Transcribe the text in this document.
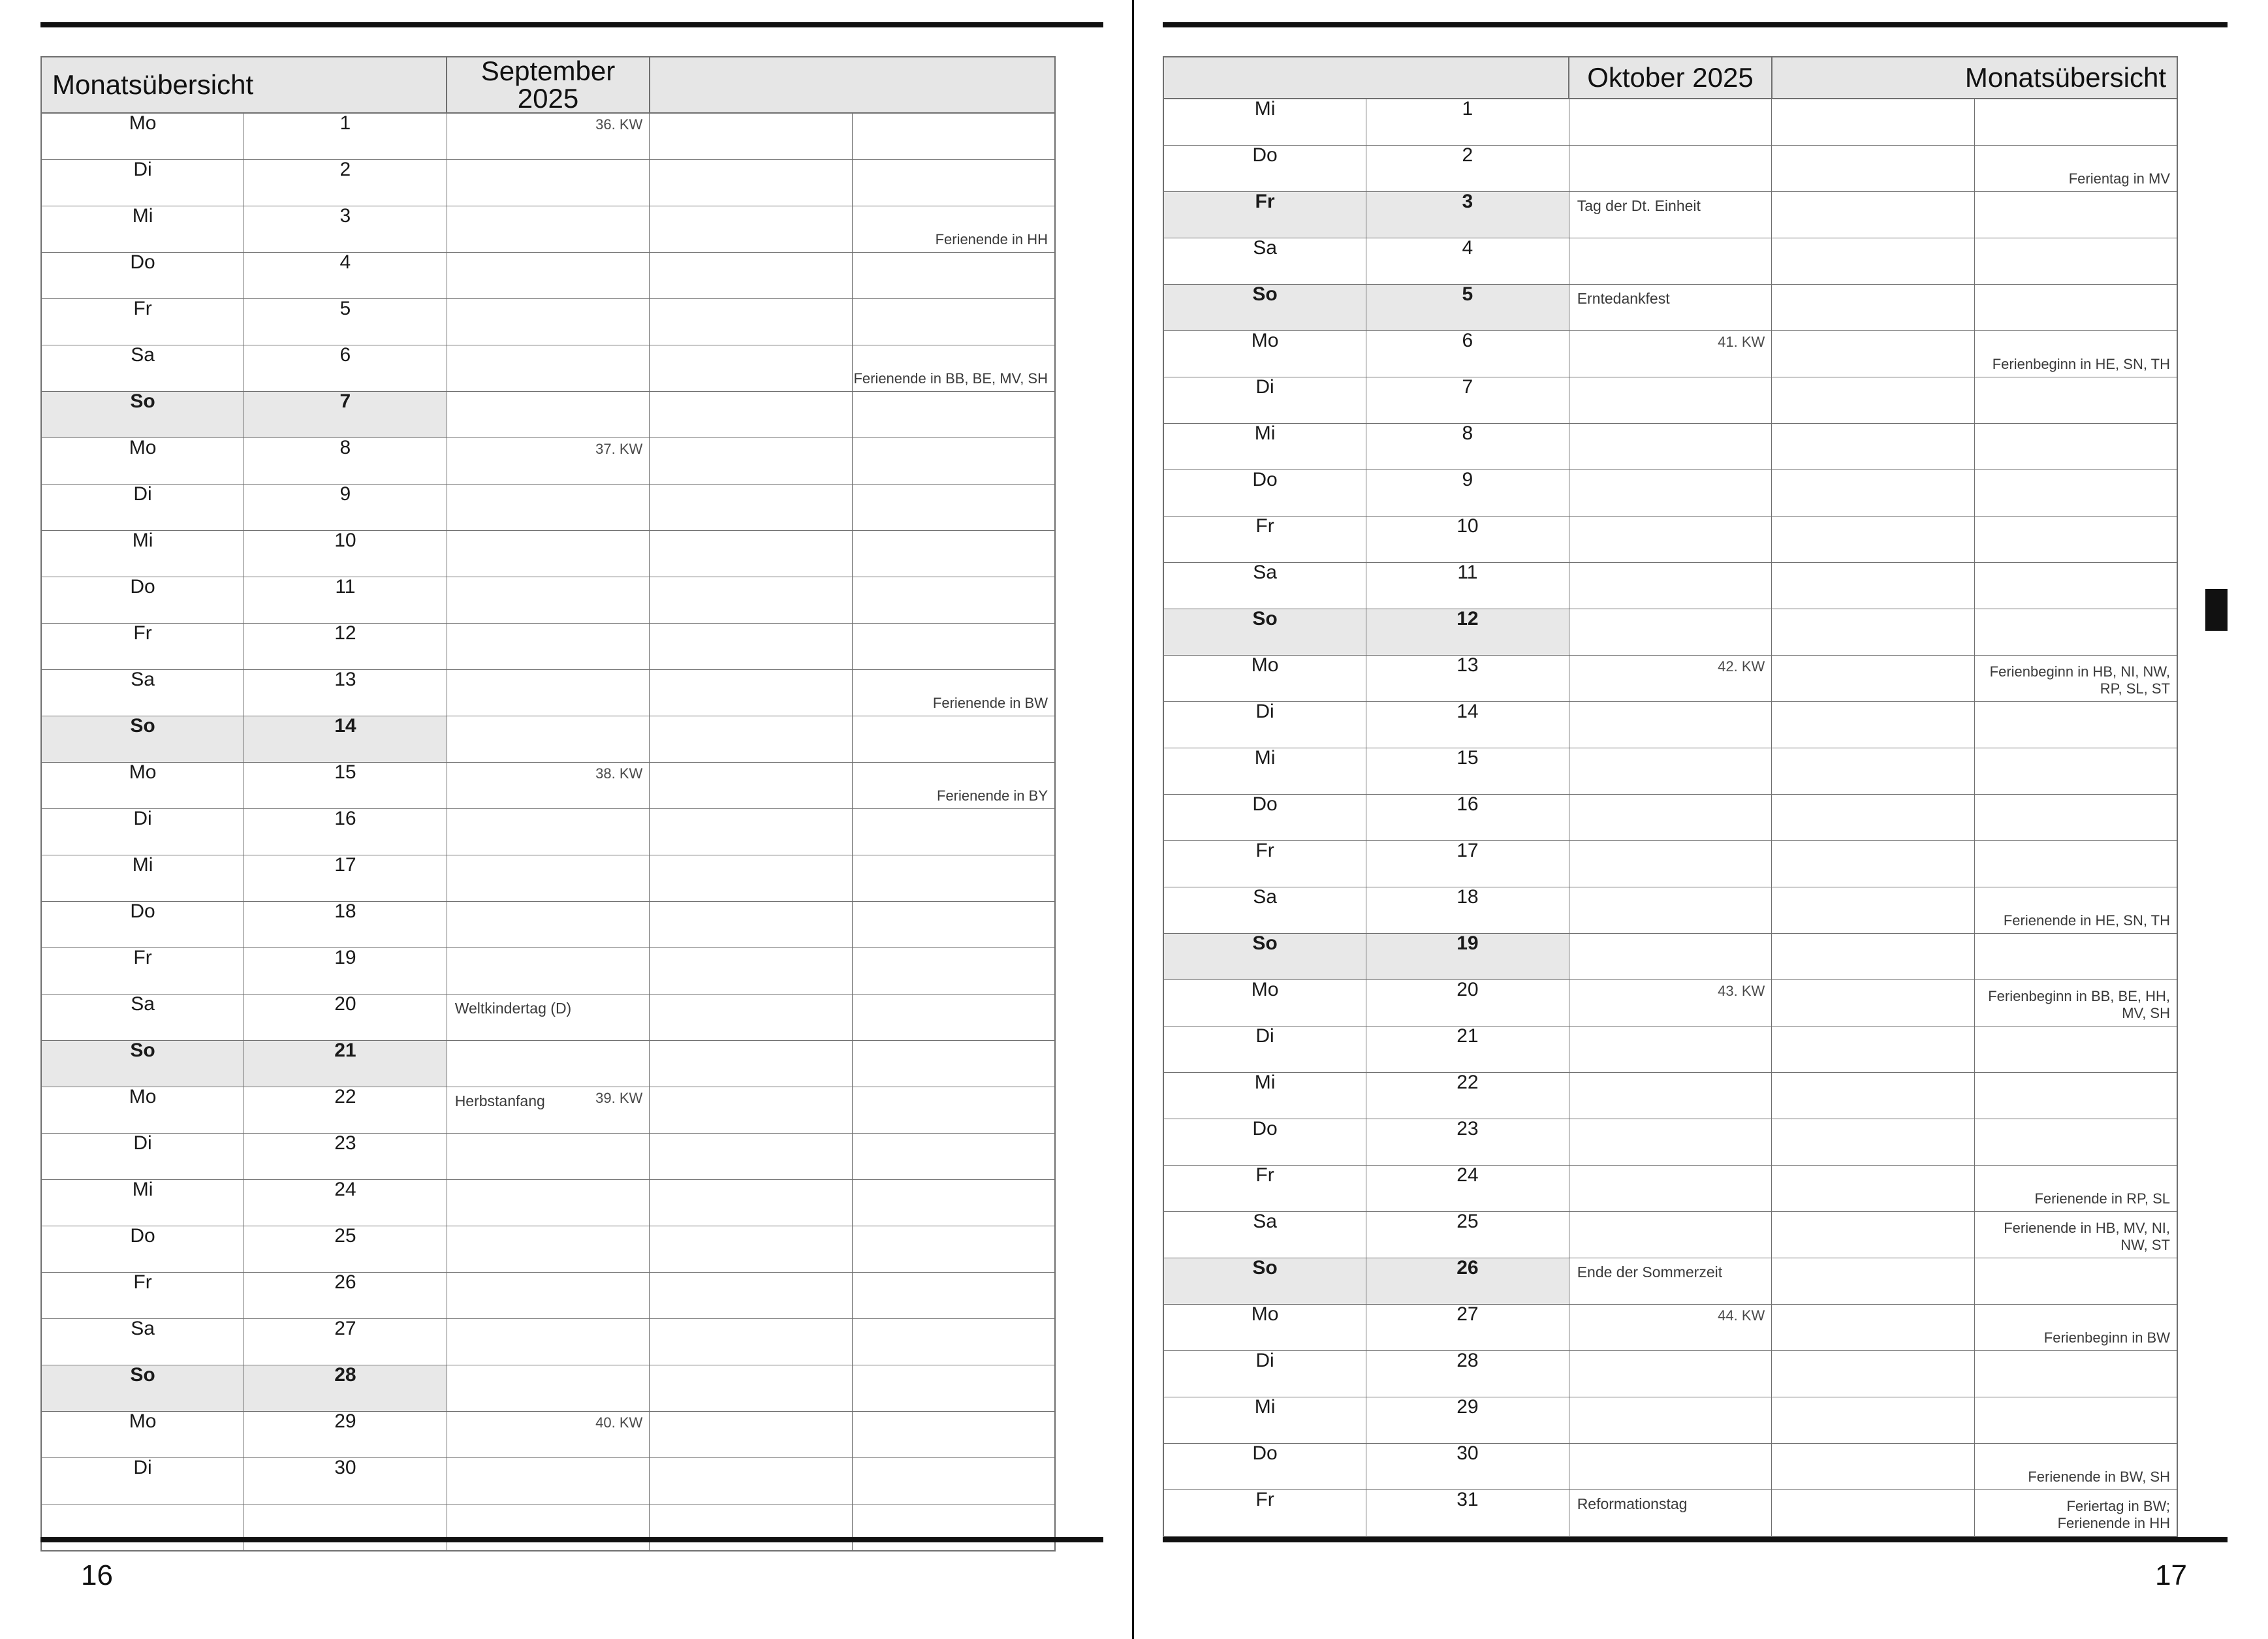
Monatsübersicht		September 2025		
Mo	1	36. KW		

Di	2	

Mi	3			Ferienende in HH

Do	4	

Fr	5	

Sa	6			Ferienende in BB, BE, MV, SH

So	7	

Mo	8	37. KW		

Di	9	

Mi	10	

Do	11	

Fr	12	

Sa	13			Ferienende in BW

So	14	

Mo	15	38. KW		Ferienende in BY

Di	16	

Mi	17	

Do	18	

Fr	19	

Sa	20	Weltkindertag (D)		

So	21	

Mo	22	Herbstanfang 39. KW		

Di	23	

Mi	24	

Do	25	

Fr	26	

Sa	27	

So	28	

Mo	29	40. KW		

Di	30	

16
		Oktober 2025	Monatsübersicht	
Mi	1	

Do	2			Ferientag in MV

Fr	3	Tag der Dt. Einheit		

Sa	4	

So	5	Erntedankfest		

Mo	6	41. KW		Ferienbeginn in HE, SN, TH

Di	7	

Mi	8	

Do	9	

Fr	10	

Sa	11	

So	12	

Mo	13	42. KW		Ferienbeginn in HB, NI, NW, RP, SL, ST

Di	14	

Mi	15	

Do	16	

Fr	17	

Sa	18			Ferienende in HE, SN, TH

So	19	

Mo	20	43. KW		Ferienbeginn in BB, BE, HH, MV, SH

Di	21	

Mi	22	

Do	23	

Fr	24			Ferienende in RP, SL

Sa	25			Ferienende in HB, MV, NI, NW, ST

So	26	Ende der Sommerzeit		

Mo	27	44. KW		Ferienbeginn in BW

Di	28	

Mi	29	

Do	30			Ferienende in BW, SH

Fr	31	Reformationstag		Feriertag in BW;
Ferienende in HH
17
